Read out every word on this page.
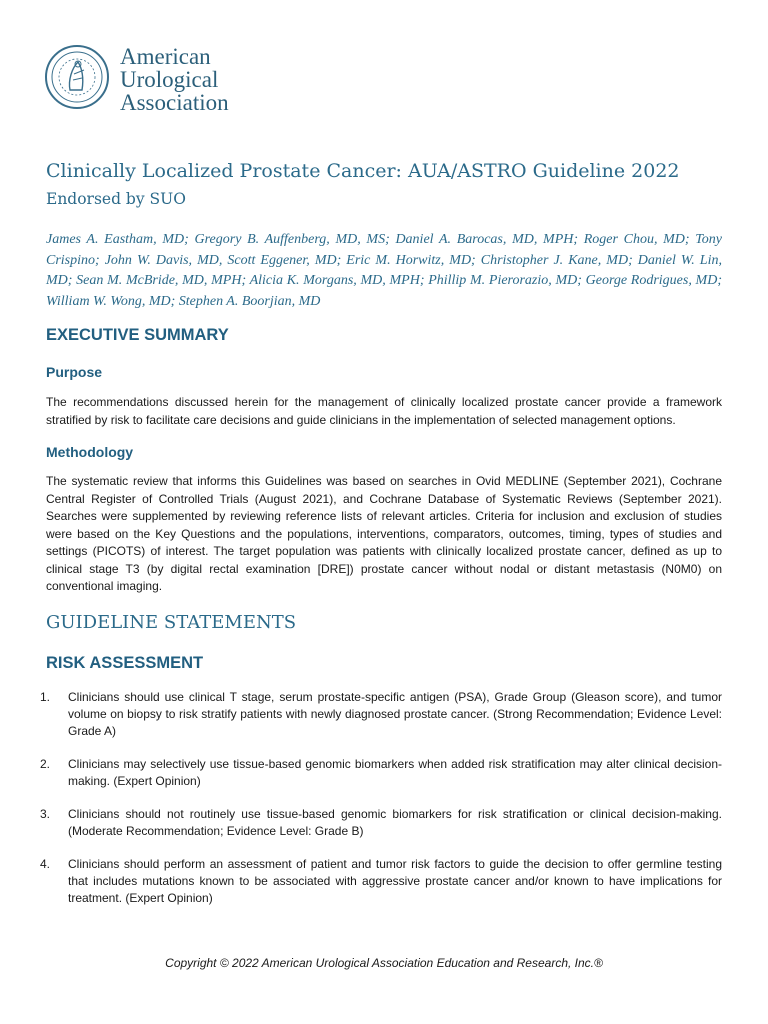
American
Urological
Association
Clinically Localized Prostate Cancer: AUA/ASTRO Guideline 2022
Endorsed by SUO
James A. Eastham, MD; Gregory B. Auffenberg, MD, MS; Daniel A. Barocas, MD, MPH; Roger Chou, MD; Tony Crispino; John W. Davis, MD, Scott Eggener, MD; Eric M. Horwitz, MD; Christopher J. Kane, MD; Daniel W. Lin, MD; Sean M. McBride, MD, MPH; Alicia K. Morgans, MD, MPH; Phillip M. Pierorazio, MD; George Rodrigues, MD; William W. Wong, MD; Stephen A. Boorjian, MD
EXECUTIVE SUMMARY
Purpose
The recommendations discussed herein for the management of clinically localized prostate cancer provide a framework stratified by risk to facilitate care decisions and guide clinicians in the implementation of selected management options.
Methodology
The systematic review that informs this Guidelines was based on searches in Ovid MEDLINE (September 2021), Cochrane Central Register of Controlled Trials (August 2021), and Cochrane Database of Systematic Reviews (September 2021). Searches were supplemented by reviewing reference lists of relevant articles. Criteria for inclusion and exclusion of studies were based on the Key Questions and the populations, interventions, comparators, outcomes, timing, types of studies and settings (PICOTS) of interest. The target population was patients with clinically localized prostate cancer, defined as up to clinical stage T3 (by digital rectal examination [DRE]) prostate cancer without nodal or distant metastasis (N0M0) on conventional imaging.
GUIDELINE STATEMENTS
RISK ASSESSMENT
1.	Clinicians should use clinical T stage, serum prostate-specific antigen (PSA), Grade Group (Gleason score), and tumor volume on biopsy to risk stratify patients with newly diagnosed prostate cancer. (Strong Recommendation; Evidence Level: Grade A)
2.	Clinicians may selectively use tissue-based genomic biomarkers when added risk stratification may alter clinical decision-making. (Expert Opinion)
3.	Clinicians should not routinely use tissue-based genomic biomarkers for risk stratification or clinical decision-making. (Moderate Recommendation; Evidence Level: Grade B)
4.	Clinicians should perform an assessment of patient and tumor risk factors to guide the decision to offer germline testing that includes mutations known to be associated with aggressive prostate cancer and/or known to have implications for treatment. (Expert Opinion)
Copyright © 2022 American Urological Association Education and Research, Inc.®
